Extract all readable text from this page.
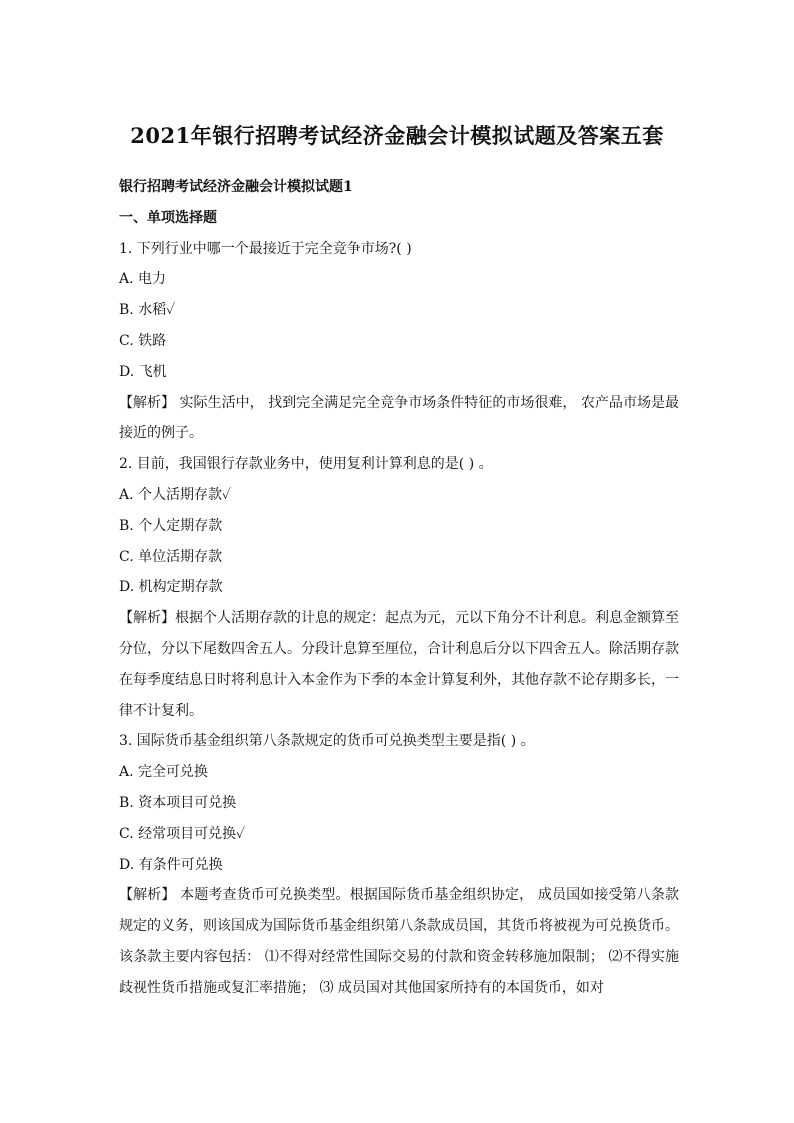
2021年银行招聘考试经济金融会计模拟试题及答案五套
银行招聘考试经济金融会计模拟试题1
一、单项选择题
1. 下列行业中哪一个最接近于完全竞争市场?( )
A. 电力
B. 水稻✓
C. 铁路
D. 飞机

【解析】 实际生活中， 找到完全满足完全竞争市场条件特征的市场很难， 农产品市场是最接近的例子。

2. 目前，我国银行存款业务中，使用复利计算利息的是( ) 。
A. 个人活期存款✓
B. 个人定期存款
C. 单位活期存款
D. 机构定期存款

【解析】根据个人活期存款的计息的规定：起点为元，元以下角分不计利息。利息金额算至分位，分以下尾数四舍五人。分段计息算至厘位，合计利息后分以下四舍五人。除活期存款在每季度结息日时将利息计入本金作为下季的本金计算复利外，其他存款不论存期多长，一律不计复利。

3. 国际货币基金组织第八条款规定的货币可兑换类型主要是指( ) 。
A. 完全可兑换
B. 资本项目可兑换
C. 经常项目可兑换✓
D. 有条件可兑换

【解析】 本题考查货币可兑换类型。根据国际货币基金组织协定， 成员国如接受第八条款规定的义务，则该国成为国际货币基金组织第八条款成员国，其货币将被视为可兑换货币。该条款主要内容包括： ⑴不得对经常性国际交易的付款和资金转移施加限制； ⑵不得实施歧视性货币措施或复汇率措施； ⑶ 成员国对其他国家所持有的本国货币，如对
